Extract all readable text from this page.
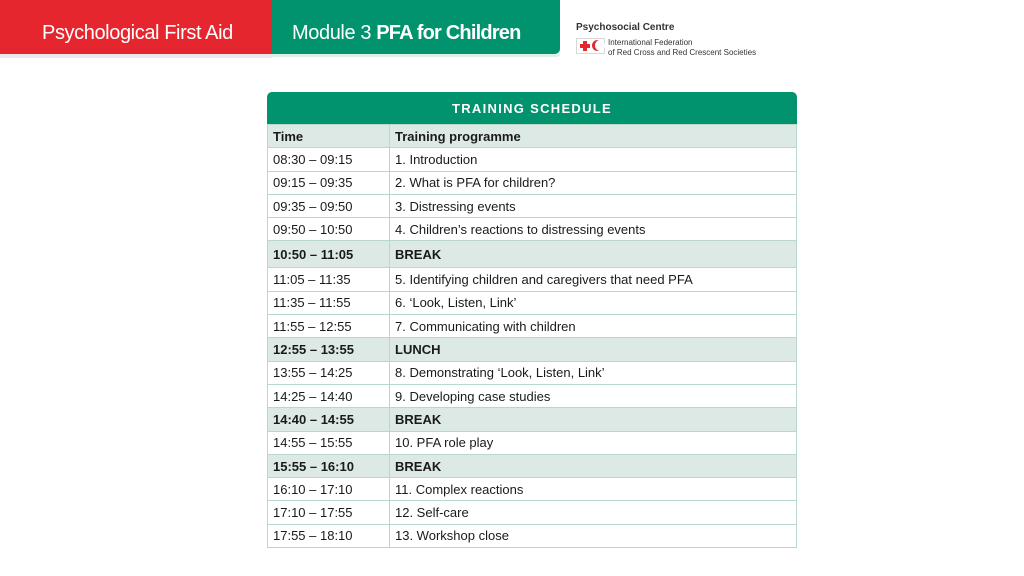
Psychological First Aid	Module 3 PFA for Children	Psychosocial Centre
International Federation
of Red Cross and Red Crescent Societies
TRAINING SCHEDULE
Time	Training programme
08:30 – 09:15	1. Introduction
09:15 – 09:35	2. What is PFA for children?
09:35 – 09:50	3. Distressing events
09:50 – 10:50	4. Children’s reactions to distressing events
10:50 – 11:05	BREAK
11:05 – 11:35	5. Identifying children and caregivers that need PFA
11:35 – 11:55	6. ‘Look, Listen, Link’
11:55 – 12:55	7. Communicating with children
12:55 – 13:55	LUNCH
13:55 – 14:25	8. Demonstrating ‘Look, Listen, Link’
14:25 – 14:40	9. Developing case studies
14:40 – 14:55	BREAK
14:55 – 15:55	10. PFA role play
15:55 – 16:10	BREAK
16:10 – 17:10	11. Complex reactions
17:10 – 17:55	12. Self-care
17:55 – 18:10	13. Workshop close
